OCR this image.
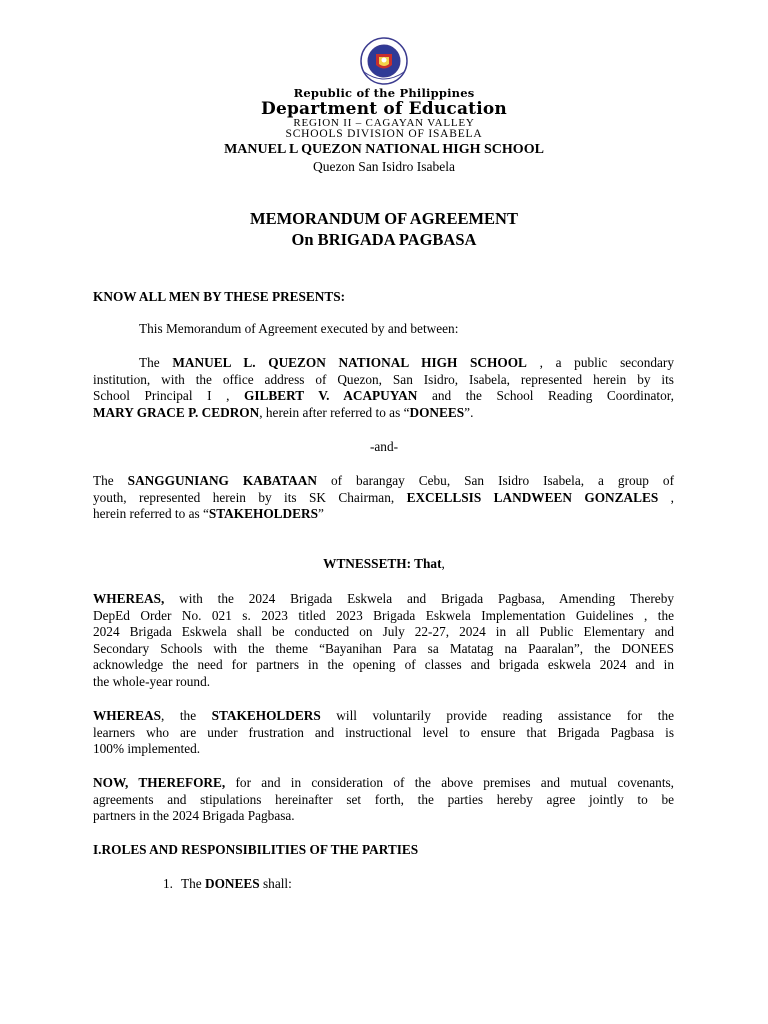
Republic of the Philippines
Department of Education
REGION II – CAGAYAN VALLEY
SCHOOLS DIVISION OF ISABELA
MANUEL L QUEZON NATIONAL HIGH SCHOOL
Quezon San Isidro Isabela
MEMORANDUM OF AGREEMENT
On BRIGADA PAGBASA

KNOW ALL MEN BY THESE PRESENTS:

This Memorandum of Agreement executed by and between:

The MANUEL L. QUEZON NATIONAL HIGH SCHOOL , a public secondary
institution, with the office address of Quezon, San Isidro, Isabela, represented herein by its
School Principal I , GILBERT V. ACAPUYAN and the School Reading Coordinator,
MARY GRACE P. CEDRON, herein after referred to as “DONEES”.

-and-

The SANGGUNIANG KABATAAN of barangay Cebu, San Isidro Isabela, a group of
youth, represented herein by its SK Chairman, EXCELLSIS LANDWEEN GONZALES ,
herein referred to as “STAKEHOLDERS”

WTNESSETH: That,

WHEREAS, with the 2024 Brigada Eskwela and Brigada Pagbasa, Amending Thereby
DepEd Order No. 021 s. 2023 titled 2023 Brigada Eskwela Implementation Guidelines , the
2024 Brigada Eskwela shall be conducted on July 22-27, 2024 in all Public Elementary and
Secondary Schools with the theme “Bayanihan Para sa Matatag na Paaralan”, the DONEES
acknowledge the need for partners in the opening of classes and brigada eskwela 2024 and in
the whole-year round.
WHEREAS, the STAKEHOLDERS will voluntarily provide reading assistance for the
learners who are under frustration and instructional level to ensure that Brigada Pagbasa is
100% implemented.
NOW, THEREFORE, for and in consideration of the above premises and mutual covenants,
agreements and stipulations hereinafter set forth, the parties hereby agree jointly to be
partners in the 2024 Brigada Pagbasa.

I.ROLES AND RESPONSIBILITIES OF THE PARTIES

1. The DONEES shall:
